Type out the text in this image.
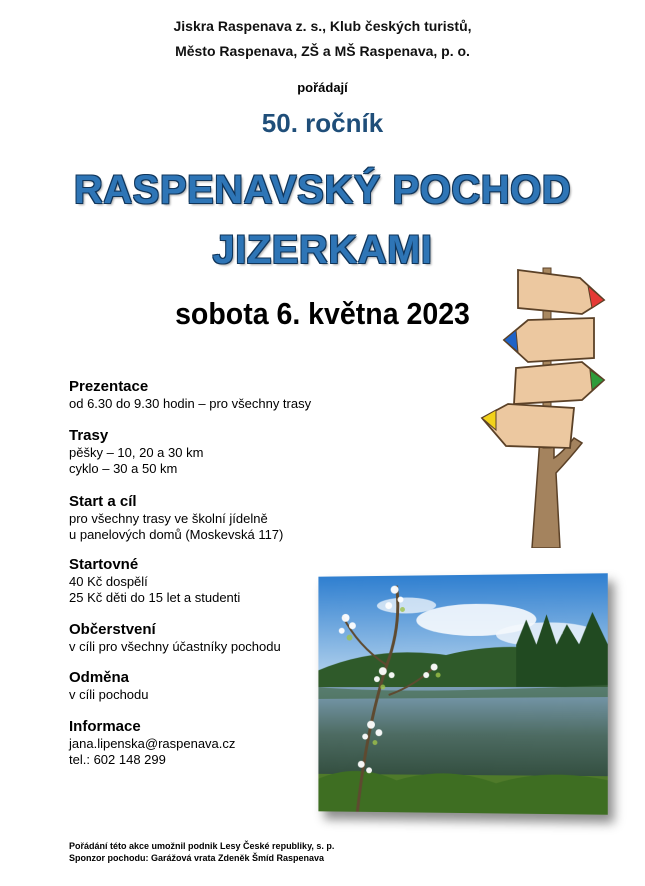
Jiskra Raspenava z. s., Klub českých turistů,
Město Raspenava, ZŠ a MŠ Raspenava, p. o.
pořádají
50. ročník
RASPENAVSKÝ POCHOD
JIZERKAMI
sobota 6. května 2023
Prezentace

od 6.30 do 9.30 hodin – pro všechny trasy

Trasy

pěšky – 10, 20 a 30 km

cyklo – 30 a 50 km

Start a cíl

pro všechny trasy ve školní jídelně

u panelových domů (Moskevská 117)

Startovné

40 Kč dospělí

25 Kč děti do 15 let a studenti

Občerstvení

v cíli pro všechny účastníky pochodu

Odměna

v cíli pochodu

Informace

jana.lipenska@raspenava.cz

tel.: 602 148 299

Pořádání této akce umožnil podnik Lesy České republiky, s. p.
Sponzor pochodu: Garážová vrata Zdeněk Šmíd Raspenava
